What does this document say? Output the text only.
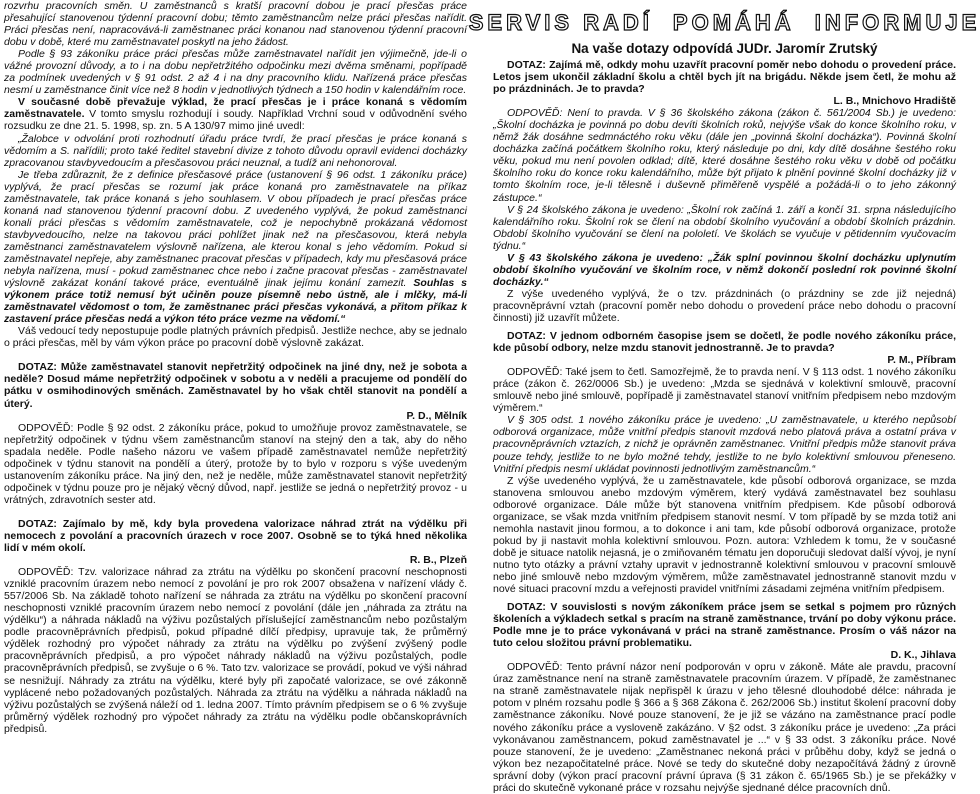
rozvrhu pracovních směn. U zaměstnanců s kratší pracovní dobou je prací přesčas práce přesahující stanovenou týdenní pracovní dobu; těmto zaměstnancům nelze práci přesčas nařídit. Práci přesčas není, napracovává-li zaměstnanec práci konanou nad stanovenou týdenní pracovní dobu v době, které mu zaměstnavatel poskytl na jeho žádost.

Podle § 93 zákoníku práce práci přesčas může zaměstnavatel nařídit jen výjimečně, jde-li o vážné provozní důvody, a to i na dobu nepřetržitého odpočinku mezi dvěma směnami, popřípadě za podmínek uvedených v § 91 odst. 2 až 4 i na dny pracovního klidu. Nařízená práce přesčas nesmí u zaměstnance činit více než 8 hodin v jednotlivých týdnech a 150 hodin v kalendářním roce.

V současné době převažuje výklad, že prací přesčas je i práce konaná s vědomím zaměstnavatele. V tomto smyslu rozhodují i soudy. Například Vrchní soud v odůvodnění svého rozsudku ze dne 21. 5. 1998, sp. zn. 5 A 130/97 mimo jiné uvedl:

„Žalobce v odvolání proti rozhodnutí úřadu práce tvrdí, že prací přesčas je práce konaná s vědomím a S. nařídili; proto také ředitel stavební divize z tohoto důvodu opravil evidenci docházky zpracovanou stavbyvedoucím a přesčasovou práci neuznal, a tudíž ani nehonoroval.

Je třeba zdůraznit, že z definice přesčasové práce (ustanovení § 96 odst. 1 zákoníku práce) vyplývá, že prací přesčas se rozumí jak práce konaná pro zaměstnavatele na příkaz zaměstnavatele, tak práce konaná s jeho souhlasem. V obou případech je prací přesčas práce konaná nad stanovenou týdenní pracovní dobu. Z uvedeného vyplývá, že pokud zaměstnanci konali práci přesčas s vědomím zaměstnavatele, což je nepochybně prokázaná vědomost stavbyvedoucího, nelze na takovou práci pohlížet jinak než na přesčasovou, která nebyla zaměstnanci zaměstnavatelem výslovně nařízena, ale kterou konal s jeho vědomím. Pokud si zaměstnavatel nepřeje, aby zaměstnanec pracovat přesčas v případech, kdy mu přesčasová práce nebyla nařízena, musí - pokud zaměstnanec chce nebo i začne pracovat přesčas - zaměstnavatel výslovně zakázat konání takové práce, eventuálně jinak jejímu konání zamezit. Souhlas s výkonem práce totiž nemusí být učiněn pouze písemně nebo ústně, ale i mlčky, má-li zaměstnavatel vědomost o tom, že zaměstnanec práci přesčas vykonává, a přitom příkaz k zastavení práce přesčas nedá a výkon této práce vezme na vědomí.“

Váš vedoucí tedy nepostupuje podle platných právních předpisů. Jestliže nechce, aby se jednalo o práci přesčas, měl by vám výkon práce po pracovní době výslovně zakázat.

DOTAZ: Může zaměstnavatel stanovit nepřetržitý odpočinek na jiné dny, než je sobota a neděle? Dosud máme nepřetržitý odpočinek v sobotu a v neděli a pracujeme od pondělí do pátku v osmihodinových směnách. Zaměstnavatel by ho však chtěl stanovit na pondělí a úterý.
P. D., Mělník

ODPOVĚĎ: Podle § 92 odst. 2 zákoníku práce, pokud to umožňuje provoz zaměstnavatele, se nepřetržitý odpočinek v týdnu všem zaměstnancům stanoví na stejný den a tak, aby do něho spadala neděle. Podle našeho názoru ve vašem případě zaměstnavatel nemůže nepřetržitý odpočinek v týdnu stanovit na pondělí a úterý, protože by to bylo v rozporu s výše uvedeným ustanovením zákoníku práce. Na jiný den, než je neděle, může zaměstnavatel stanovit nepřetržitý odpočinek v týdnu pouze pro je nějaký věcný důvod, např. jestliže se jedná o nepřetržitý provoz - u vrátných, zdravotních sester atd.

DOTAZ: Zajímalo by mě, kdy byla provedena valorizace náhrad ztrát na výdělku při nemocech z povolání a pracovních úrazech v roce 2007. Osobně se to týká hned několika lidí v mém okolí.
R. B., Plzeň

ODPOVĚĎ: Tzv. valorizace náhrad za ztrátu na výdělku po skončení pracovní neschopnosti vzniklé pracovním úrazem nebo nemocí z povolání je pro rok 2007 obsažena v nařízení vlády č. 557/2006 Sb. Na základě tohoto nařízení se náhrada za ztrátu na výdělku po skončení pracovní neschopnosti vzniklé pracovním úrazem nebo nemocí z povolání (dále jen „náhrada za ztrátu na výdělku“) a náhrada nákladů na výživu pozůstalých příslušející zaměstnancům nebo pozůstalým podle pracovněprávních předpisů, pokud případné dílčí předpisy, upravuje tak, že průměrný výdělek rozhodný pro výpočet náhrady za ztrátu na výdělku po zvýšení zvýšený podle pracovněprávních předpisů, a pro výpočet náhrady nákladů na výživu pozůstalých, podle pracovněprávních předpisů, se zvyšuje o 6 %. Tato tzv. valorizace se provádí, pokud ve výši náhrad se nesnižují. Náhrady za ztrátu na výdělku, které byly při započaté valorizace, se ové zákonně vyplácené nebo požadovaných pozůstalých. Náhrada za ztrátu na výdělku a náhrada nákladů na výživu pozůstalých se zvýšená náleží od 1. ledna 2007. Tímto právním předpisem se o 6 % zvyšuje průměrný výdělek rozhodný pro výpočet náhrady za ztrátu na výdělku podle občanskoprávních předpisů.

SERVIS RADÍ POMÁHÁ INFORMUJE
Na vaše dotazy odpovídá JUDr. Jaromír Zrutský

DOTAZ: Zajímá mě, odkdy mohu uzavřít pracovní poměr nebo dohodu o provedení práce. Letos jsem ukončil základní školu a chtěl bych jít na brigádu. Někde jsem četl, že mohu až po prázdninách. Je to pravda?
L. B., Mnichovo Hradiště

ODPOVĚĎ: Není to pravda. V § 36 školského zákona (zákon č. 561/2004 Sb.) je uvedeno: „Školní docházka je povinná po dobu devíti školních roků, nejvýše však do konce školního roku, v němž žák dosáhne sedmnáctého roku věku (dále jen „povinná školní docházka“). Povinná školní docházka začíná počátkem školního roku, který následuje po dni, kdy dítě dosáhne šestého roku věku, pokud mu není povolen odklad; dítě, které dosáhne šestého roku věku v době od počátku školního roku do konce roku kalendářního, může být přijato k plnění povinné školní docházky již v tomto školním roce, je-li tělesně i duševně přiměřeně vyspělé a požádá-li o to jeho zákonný zástupce.“

V § 24 školského zákona je uvedeno: „Školní rok začíná 1. září a končí 31. srpna následujícího kalendářního roku. Školní rok se člení na období školního vyučování a období školních prázdnin. Období školního vyučování se člení na pololetí. Ve školách se vyučuje v pětidenním vyučovacím týdnu.“

V § 43 školského zákona je uvedeno: „Žák splní povinnou školní docházku uplynutím období školního vyučování ve školním roce, v němž dokončí poslední rok povinné školní docházky.“

Z výše uvedeného vyplývá, že o tzv. prázdninách (o prázdniny se zde již nejedná) pracovněprávní vztah (pracovní poměr nebo dohodu o provedení práce nebo dohodu o pracovní činnosti) již uzavřít můžete.

DOTAZ: V jednom odborném časopise jsem se dočetl, že podle nového zákoníku práce, kde působí odbory, nelze mzdu stanovit jednostranně. Je to pravda?
P. M., Příbram

ODPOVĚĎ: Také jsem to četl. Samozřejmě, že to pravda není. V § 113 odst. 1 nového zákoníku práce (zákon č. 262/0006 Sb.) je uvedeno: „Mzda se sjednává v kolektivní smlouvě, pracovní smlouvě nebo jiné smlouvě, popřípadě ji zaměstnavatel stanoví vnitřním předpisem nebo mzdovým výměrem.“

V § 305 odst. 1 nového zákoníku práce je uvedeno: „U zaměstnavatele, u kterého nepůsobí odborová organizace, může vnitřní předpis stanovit mzdová nebo platová práva a ostatní práva v pracovněprávních vztazích, z nichž je oprávněn zaměstnanec. Vnitřní předpis může stanovit práva pouze tehdy, jestliže to ne bylo možné tehdy, jestliže to ne bylo kolektivní smlouvou přeneseno. Vnitřní předpis nesmí ukládat povinnosti jednotlivým zaměstnancům.“

Z výše uvedeného vyplývá, že u zaměstnavatele, kde působí odborová organizace, se mzda stanovena smlouvou anebo mzdovým výměrem, který vydává zaměstnavatel bez souhlasu odborové organizace. Dále může být stanovena vnitřním předpisem. Kde působí odborová organizace, se však mzda vnitřním předpisem stanovit nesmí. V tom případě by se mzda totiž ani nemohla nastavit jinou formou, a to dokonce i ani tam, kde působí odborová organizace, protože pokud by ji nastavit mohla kolektivní smlouvou. Pozn. autora: Vzhledem k tomu, že v současné době je situace natolik nejasná, je o zmiňovaném tématu jen doporučuji sledovat další vývoj, je nyní nutno tyto otázky a právní vztahy upravit v jednostranně kolektivní smlouvou v pracovní smlouvě nebo jiné smlouvě nebo mzdovým výměrem, může zaměstnavatel jednostranně stanovit mzdu v nové situaci pracovní mzdu a veřejnosti pravidel vnitřními zásadami zejména vnitřním předpisem.

DOTAZ: V souvislosti s novým zákoníkem práce jsem se setkal s pojmem pro různých školeních a výkladech setkal s pracím na straně zaměstnance, trvání po doby výkonu práce. Podle mne je to práce vykonávaná v práci na straně zaměstnance. Prosím o váš názor na tuto celou složitou právní problematiku.
D. K., Jihlava

ODPOVĚĎ: Tento právní názor není podporován v opru v zákoně. Máte ale pravdu, pracovní úraz zaměstnance není na straně zaměstnavatele pracovním úrazem. V případě, že zaměstnanec na straně zaměstnavatele nijak nepřispěl k úrazu v jeho tělesné dlouhodobé délce: náhrada je potom v plném rozsahu podle § 366 a § 368 Zákona č. 262/2006 Sb.) institut školení pracovní doby zaměstnance zákoníku. Nové pouze stanovení, že je již se vázáno na zaměstnance prací podle nového zákoníku práce a vysloveně zakázáno. V §2 odst. 3 zákoníku práce je uvedeno: „Za práci vykonávanou zaměstnancem, pokud zaměstnavatel je ...“ v § 33 odst. 3 zákoníku práce. Nové pouze stanovení, že je uvedeno: „Zaměstnanec nekoná práci v průběhu doby, když se jedná o výkon bez nezapočitatelné práce. Nové se tedy do skutečné doby nezapočítává žádný z úrovně správní doby (výkon prací pracovní právní úprava (§ 31 zákon č. 65/1965 Sb.) je se překážky v práci do skutečně vykonané práce v rozsahu nejvýše sjednané délce pracovních dnů.
